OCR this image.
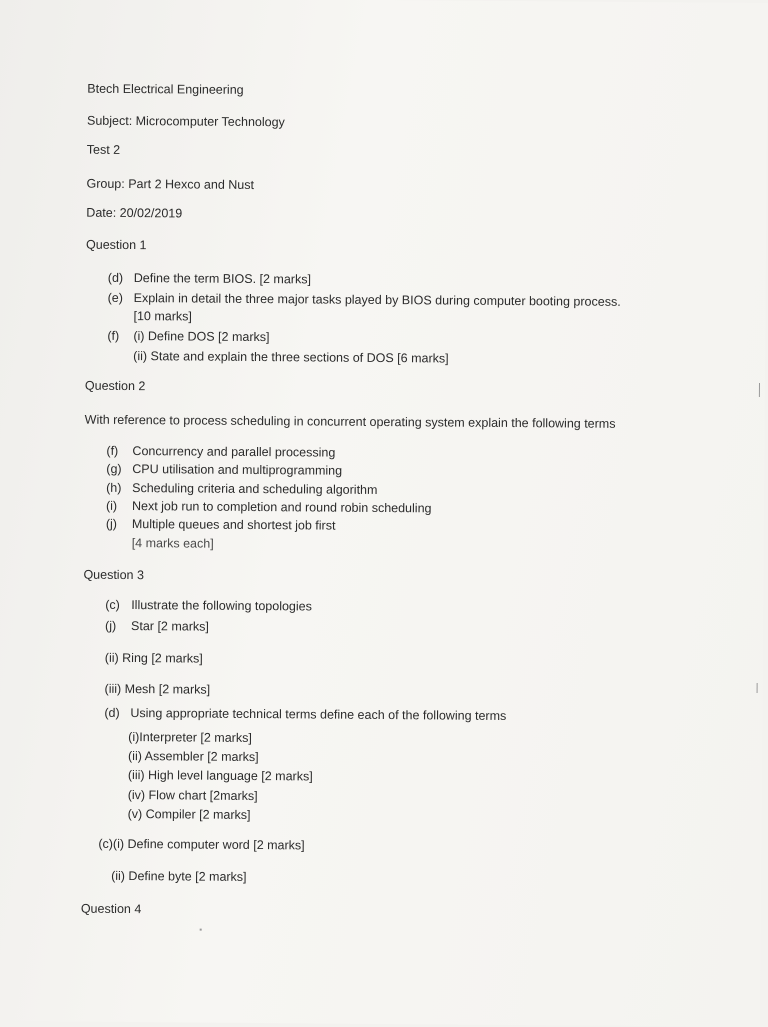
Btech Electrical Engineering
Subject: Microcomputer Technology
Test 2
Group: Part 2 Hexco and Nust
Date: 20/02/2019
Question 1
(d) Define the term BIOS. [2 marks]
(e) Explain in detail the three major tasks played by BIOS during computer booting process.
[10 marks]
(f) (i) Define DOS [2 marks]
(ii) State and explain the three sections of DOS [6 marks]
Question 2
With reference to process scheduling in concurrent operating system explain the following terms
(f) Concurrency and parallel processing
(g) CPU utilisation and multiprogramming
(h) Scheduling criteria and scheduling algorithm
(i) Next job run to completion and round robin scheduling
(j) Multiple queues and shortest job first
[4 marks each]
Question 3
(c) Illustrate the following topologies
(j) Star [2 marks]
(ii) Ring [2 marks]
(iii) Mesh [2 marks]
(d) Using appropriate technical terms define each of the following terms
(i)Interpreter [2 marks]
(ii) Assembler [2 marks]
(iii) High level language [2 marks]
(iv) Flow chart [2marks]
(v) Compiler [2 marks]
(c)(i) Define computer word [2 marks]
(ii) Define byte [2 marks]
Question 4
